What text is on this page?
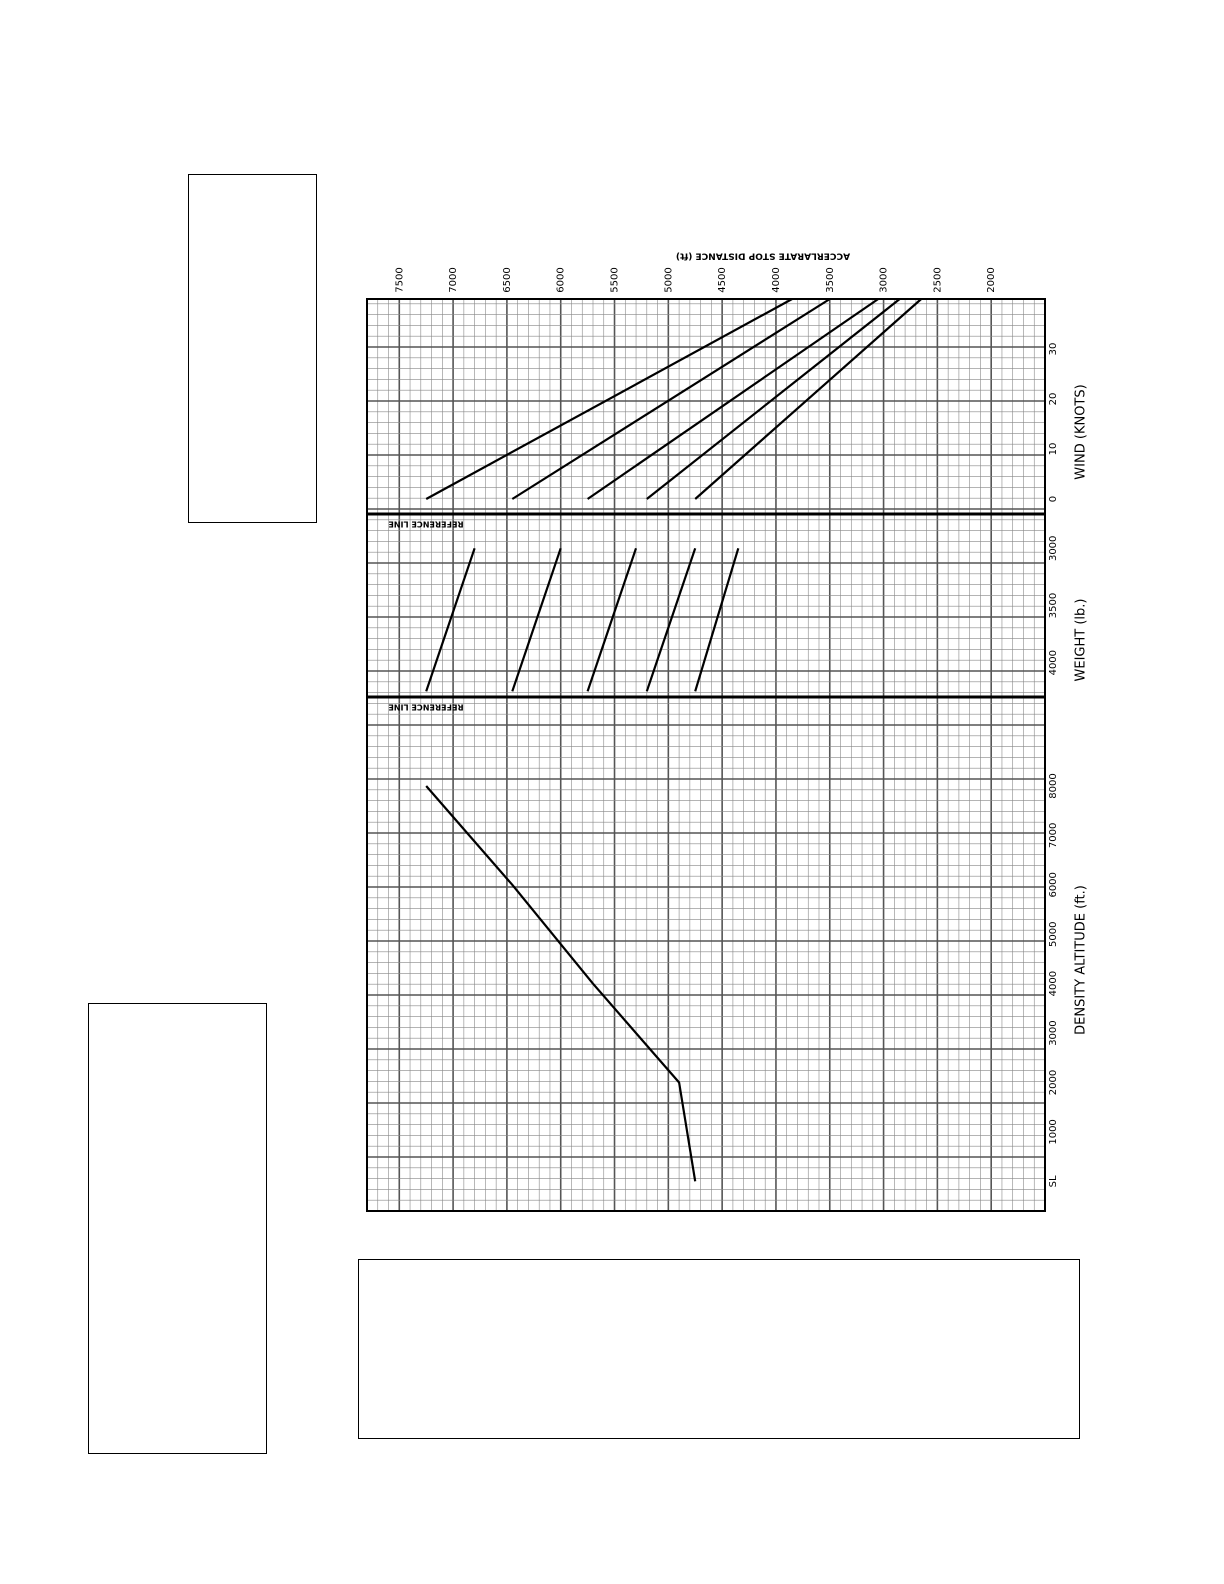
7500	7000	6500	6000	5500	5000	4500	4000	3500	3000	2500	2000
ACCERLARATE STOP DISTANCE (ft)
SL
1000
2000
3000
4000
5000
6000
7000
8000
DENSITY ALTITUDE (ft.)
4000
3500
3000
WEIGHT (lb.)
REFERENCE LINE
0
10
20
30
WIND (KNOTS)
REFERENCE LINE
